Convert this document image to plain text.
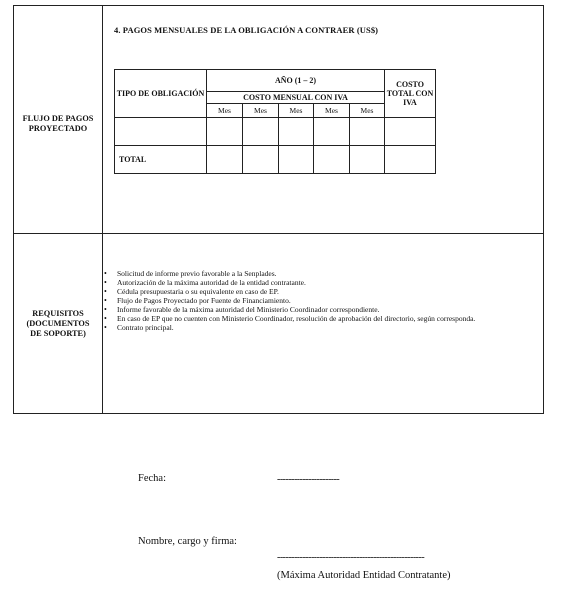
FLUJO DE PAGOS
PROYECTADO
REQUISITOS
(DOCUMENTOS
DE SOPORTE)
4. PAGOS MENSUALES DE LA OBLIGACIÓN A CONTRAER (US$)
TIPO DE OBLIGACIÓN	AÑO (1 – 2)					COSTO TOTAL CON IVA
	COSTO MENSUAL CON IVA					
	Mes	Mes	Mes	Mes	Mes	

TOTAL						
• Solicitud de informe previo favorable a la Senplades.
• Autorización de la máxima autoridad de la entidad contratante.
• Cédula presupuestaria o su equivalente en caso de EP.
• Flujo de Pagos Proyectado por Fuente de Financiamiento.
• Informe favorable de la máxima autoridad del Ministerio Coordinador correspondiente.
• En caso de EP que no cuenten con Ministerio Coordinador, resolución de aprobación del directorio, según corresponda.
• Contrato principal.
Fecha:	----------------------
Nombre, cargo y firma:
----------------------------------------------------
(Máxima Autoridad Entidad Contratante)
